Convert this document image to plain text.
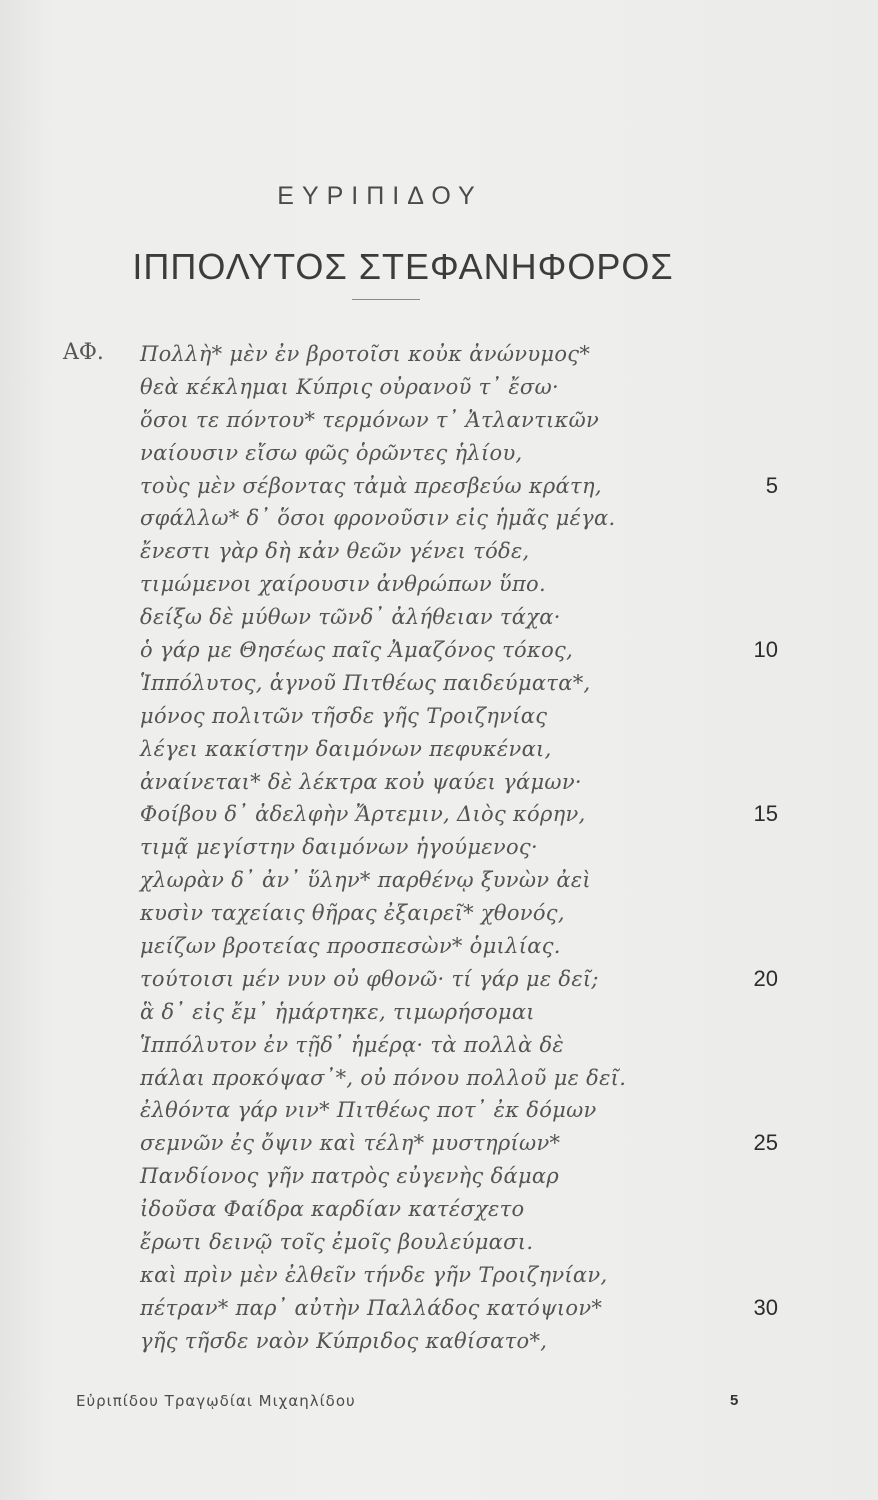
ΕΥΡΙΠΙΔΟΥ
ΙΠΠΟΛΥΤΟΣ ΣΤΕΦΑΝΗΦΟΡΟΣ
ΑΦ. Πολλὴ* μὲν ἐν βροτοῖσι κοὐκ ἀνώνυμος*
θεὰ κέκλημαι Κύπρις οὐρανοῦ τ᾽ ἔσω·
ὅσοι τε πόντου* τερμόνων τ᾽ Ἀτλαντικῶν
ναίουσιν εἴσω φῶς ὁρῶντες ἡλίου,
τοὺς μὲν σέβοντας τἀμὰ πρεσβεύω κράτη,
σφάλλω* δ᾽ ὅσοι φρονοῦσιν εἰς ἡμᾶς μέγα.
ἔνεστι γὰρ δὴ κἀν θεῶν γένει τόδε,
τιμώμενοι χαίρουσιν ἀνθρώπων ὕπο.
δείξω δὲ μύθων τῶνδ᾽ ἀλήθειαν τάχα·
ὁ γάρ με Θησέως παῖς Ἀμαζόνος τόκος,
Ἱππόλυτος, ἁγνοῦ Πιτθέως παιδεύματα*,
μόνος πολιτῶν τῆσδε γῆς Τροιζηνίας
λέγει κακίστην δαιμόνων πεφυκέναι,
ἀναίνεται* δὲ λέκτρα κοὐ ψαύει γάμων·
Φοίβου δ᾽ ἀδελφὴν Ἄρτεμιν, Διὸς κόρην,
τιμᾷ μεγίστην δαιμόνων ἡγούμενος·
χλωρὰν δ᾽ ἀν᾽ ὕλην* παρθένῳ ξυνὼν ἀεὶ
κυσὶν ταχείαις θῆρας ἐξαιρεῖ* χθονός,
μείζων βροτείας προσπεσὼν* ὁμιλίας.
τούτοισι μέν νυν οὐ φθονῶ· τί γάρ με δεῖ;
ἃ δ᾽ εἰς ἔμ᾽ ἡμάρτηκε, τιμωρήσομαι
Ἱππόλυτον ἐν τῇδ᾽ ἡμέρᾳ· τὰ πολλὰ δὲ
πάλαι προκόψασ᾽*, οὐ πόνου πολλοῦ με δεῖ.
ἐλθόντα γάρ νιν* Πιτθέως ποτ᾽ ἐκ δόμων
σεμνῶν ἐς ὄψιν καὶ τέλη* μυστηρίων*
Πανδίονος γῆν πατρὸς εὐγενὴς δάμαρ
ἰδοῦσα Φαίδρα καρδίαν κατέσχετο
ἔρωτι δεινῷ τοῖς ἐμοῖς βουλεύμασι.
καὶ πρὶν μὲν ἐλθεῖν τήνδε γῆν Τροιζηνίαν,
πέτραν* παρ᾽ αὐτὴν Παλλάδος κατόψιον*
γῆς τῆσδε ναὸν Κύπριδος καθίσατο*,
5
10
15
20
25
30
Εὐριπίδου Τραγῳδίαι Μιχαηλίδου	5
